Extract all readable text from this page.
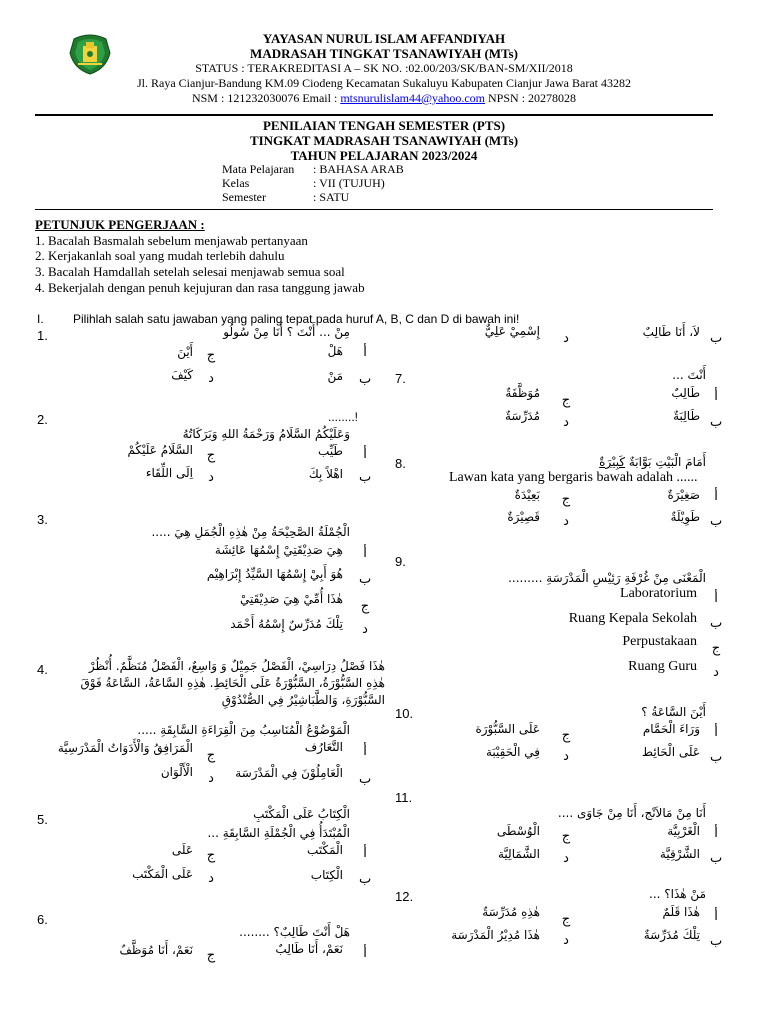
YAYASAN NURUL ISLAM AFFANDIYAH
MADRASAH TINGKAT TSANAWIYAH (MTs)
STATUS : TERAKREDITASI A – SK NO. :02.00/203/SK/BAN-SM/XII/2018
Jl. Raya Cianjur-Bandung KM.09 Ciodeng Kecamatan Sukaluyu Kabupaten Cianjur Jawa Barat 43282
NSM : 121232030076 Email : mtsnurulislam44@yahoo.com NPSN : 20278028
PENILAIAN TENGAH SEMESTER (PTS)
TINGKAT MADRASAH TSANAWIYAH (MTs)
TAHUN PELAJARAN 2023/2024
Mata Pelajaran : BAHASA ARAB
Kelas	: VII (TUJUH)
Semester	: SATU
PETUNJUK PENGERJAAN :
1. Bacalah Basmalah sebelum menjawab pertanyaan
2. Kerjakanlah soal yang mudah terlebih dahulu
3. Bacalah Hamdallah setelah selesai menjawab semua soal
4. Bekerjalah dengan penuh kejujuran dan rasa tanggung jawab
I. Pilihlah salah satu jawaban yang paling tepat pada huruf A, B, C dan D di bawah ini!
1.	مِنْ ... أَنْتَ ؟ أَنَا مِنْ سُولُو
هَلْ	أ
أَيْنَ ج
مَنْ ب
كَيْفَ د
2.	........!
وَعَلَيْكُمُ السَّلَامُ وَرَحْمَةُ اللهِ وَبَرَكَاتُهُ
طَيِّب	أ
السَّلَامُ عَلَيْكُمْ ج
اهْلاً بِكَ ب
اِلَى اللِّقَاء د
3.
الْجُمْلَةُ الصَّحِيْحَةُ مِنْ هٰذِهِ الْجُمَلِ هِيَ .....
هِيَ صَدِيْقَتِيْ إِسْمُهَا عَائِشَة	أ
هُوَ أَبِيْ إِسْمُهَا السَّيِّدُ إِبْرَاهِيْم ب
هٰذَا أُمِّيْ هِيَ صَدِيْقَتِيْ ج
تِلْكَ مُدَرِّسٌ إِسْمُهُ أَحْمَد د
4.	هٰذَا فَصْلُ دِرَاسِيْ، الْفَصْلُ جَمِيْلٌ وَ وَاسِعٌ، الْفَصْلُ مُنَظَّمٌ. أُنْظُرْ
هٰذِهِ السَّبُّوْرَةُ، السَّبُّوْرَةُ عَلَى الْحَائِطِ. هٰذِهِ السَّاعَةُ، السَّاعَةُ فَوْقَ
السَّبُّوْرَةِ، وَالطَّبَاشِيْرُ فِي الصُّنْدُوْقِ
الْمَوْضُوْعُ الْمُنَاسِبُ مِنَ الْقِرَاءَةِ السَّابِقَةِ .....
التَّعَارُف	أ
الْمَرَافِقُ وَالْأَدَوَاتُ الْمَدْرَسِيَّة ج
الْعَامِلُوْنَ فِي الْمَدْرَسَة ب
الْأَلْوَان د
5.	الْكِتَابُ عَلَى الْمَكْتَبِ
الْمُبْتَدَأُ فِي الْجُمْلَةِ السَّابِقَةِ ...
الْمَكْتَب	أ
عَلَى ج
الْكِتَاب ب
عَلَى الْمَكْتَب د
6.
هَلْ أَنْتَ طَالِبٌ؟ ........
نَعَمْ، أَنَا طَالِبٌ	أ
نَعَمْ، أَنَا مُوَظَّفٌ ج
لاَ، أَنَا طَالِبٌ ب
إِسْمِيْ عَلِيٌّ د
7.	أَنْتَ ...
طَالِبٌ	أ
مُوَظَّفَةٌ ج
طَالِبَةٌ ب
مُدَرِّسَةٌ د
8.	أَمَامَ الْبَيْتِ بَوَّابَةٌ كَبِيْرَةٌ
Lawan kata yang bergaris bawah adalah ......
صَغِيْرَةٌ	أ
بَعِيْدَةٌ ج
طَوِيْلَةٌ ب
قَصِيْرَةٌ د
9.
الْمَعْنَى مِنْ غُرْفَةِ رَئِيْسِ الْمَدْرَسَةِ .........
Laboratorium	أ
Ruang Kepala Sekolah ب
Perpustakaan ج
Ruang Guru د
10.	أَيْنَ السَّاعَةُ ؟
وَرَاءَ الْحَمَّام	أ
عَلَى السَّبُّوْرَة ج
عَلَى الْحَائِط ب
فِي الْحَقِيْبَة د
11.
أَنَا مِنْ مَالاَنْج، أَنَا مِنْ جَاوَى ....
الْغَرْبِيَّة	أ
الْوُسْطَى ج
الشَّرْقِيَّة ب
الشَّمَالِيَّة د
12.	مَنْ هٰذَا؟ ...
هٰذَا قَلَمٌ	أ
هٰذِهِ مُدَرِّسَةٌ ج
تِلْكَ مُدَرِّسَةٌ ب
هٰذَا مُدِيْرُ الْمَدْرَسَة د
